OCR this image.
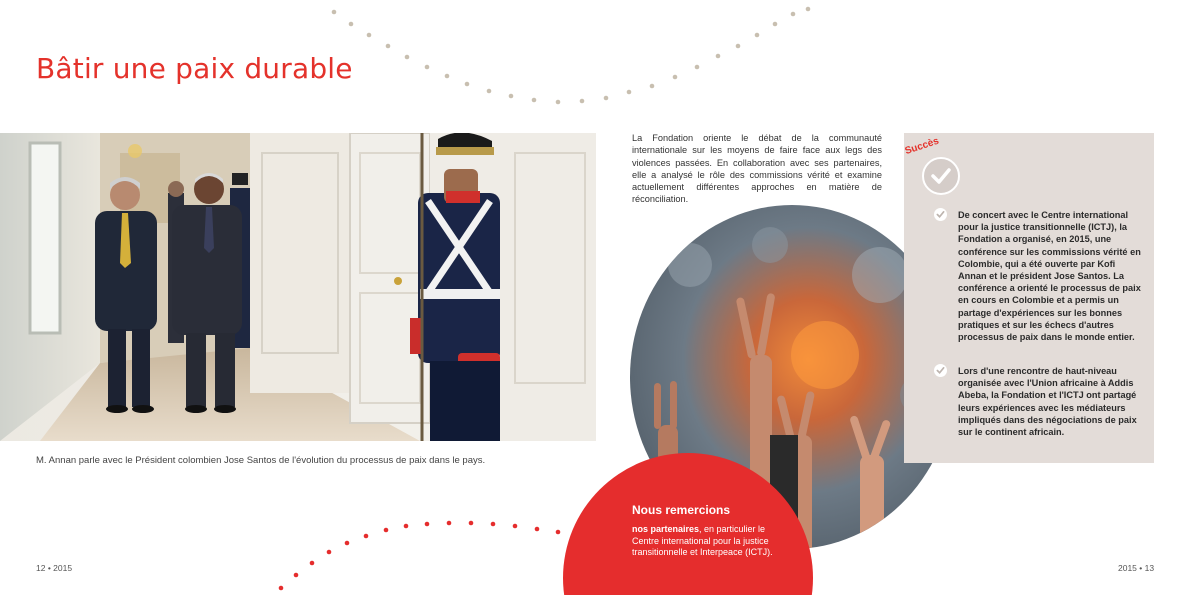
Bâtir une paix durable

M. Annan parle avec le Président colombien Jose Santos de l'évolution du processus de paix dans le pays.

La Fondation oriente le débat de la communauté internationale sur les moyens de faire face aux legs des violences passées. En collaboration avec ses partenaires, elle a analysé le rôle des commissions vérité et examine actuellement différentes approches en matière de réconciliation.

Nous remercions

nos partenaires, en particulier le Centre international pour la justice transitionnelle et Interpeace (ICTJ).

Succès

De concert avec le Centre international pour la justice transitionnelle (ICTJ), la Fondation a organisé, en 2015, une conférence sur les commissions vérité en Colombie, qui a été ouverte par Kofi Annan et le président Jose Santos. La conférence a orienté le processus de paix en cours en Colombie et a permis un partage d'expériences sur les bonnes pratiques et sur les échecs d'autres processus de paix dans le monde entier.

Lors d'une rencontre de haut-niveau organisée avec l'Union africaine à Addis Abeba, la Fondation et l'ICTJ ont partagé leurs expériences avec les médiateurs impliqués dans des négociations de paix sur le continent africain.

12 • 2015	2015 • 13
